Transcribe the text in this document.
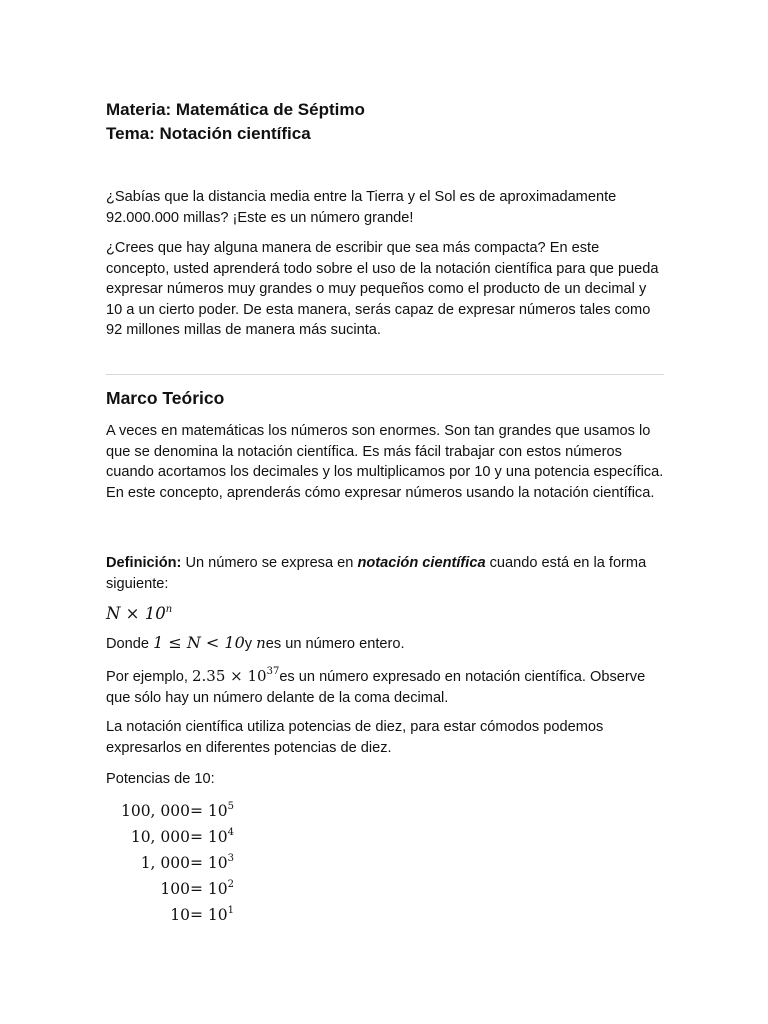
Materia: Matemática de Séptimo
Tema: Notación científica
¿Sabías que la distancia media entre la Tierra y el Sol es de aproximadamente 92.000.000 millas? ¡Este es un número grande!
¿Crees que hay alguna manera de escribir que sea más compacta? En este concepto, usted aprenderá todo sobre el uso de la notación científica para que pueda expresar números muy grandes o muy pequeños como el producto de un decimal y 10 a un cierto poder. De esta manera, serás capaz de expresar números tales como 92 millones millas de manera más sucinta.
Marco Teórico
A veces en matemáticas los números son enormes. Son tan grandes que usamos lo que se denomina la notación científica. Es más fácil trabajar con estos números cuando acortamos los decimales y los multiplicamos por 10 y una potencia específica. En este concepto, aprenderás cómo expresar números usando la notación científica.
Definición: Un número se expresa en notación científica cuando está en la forma siguiente:
$N \times 10^n$
Donde 1 ≤ N < 10y nes un número entero.
Por ejemplo, $2.35 \times 10^{37}es$ un número expresado en notación científica. Observe que sólo hay un número delante de la coma decimal.
La notación científica utiliza potencias de diez, para estar cómodos podemos expresarlos en diferentes potencias de diez.
Potencias de 10:
100, $000 = 10^5$
10, $000 = 10^4$
1, $000 = 10^3$
$100 = 10^2$
$10 = 10^1$
